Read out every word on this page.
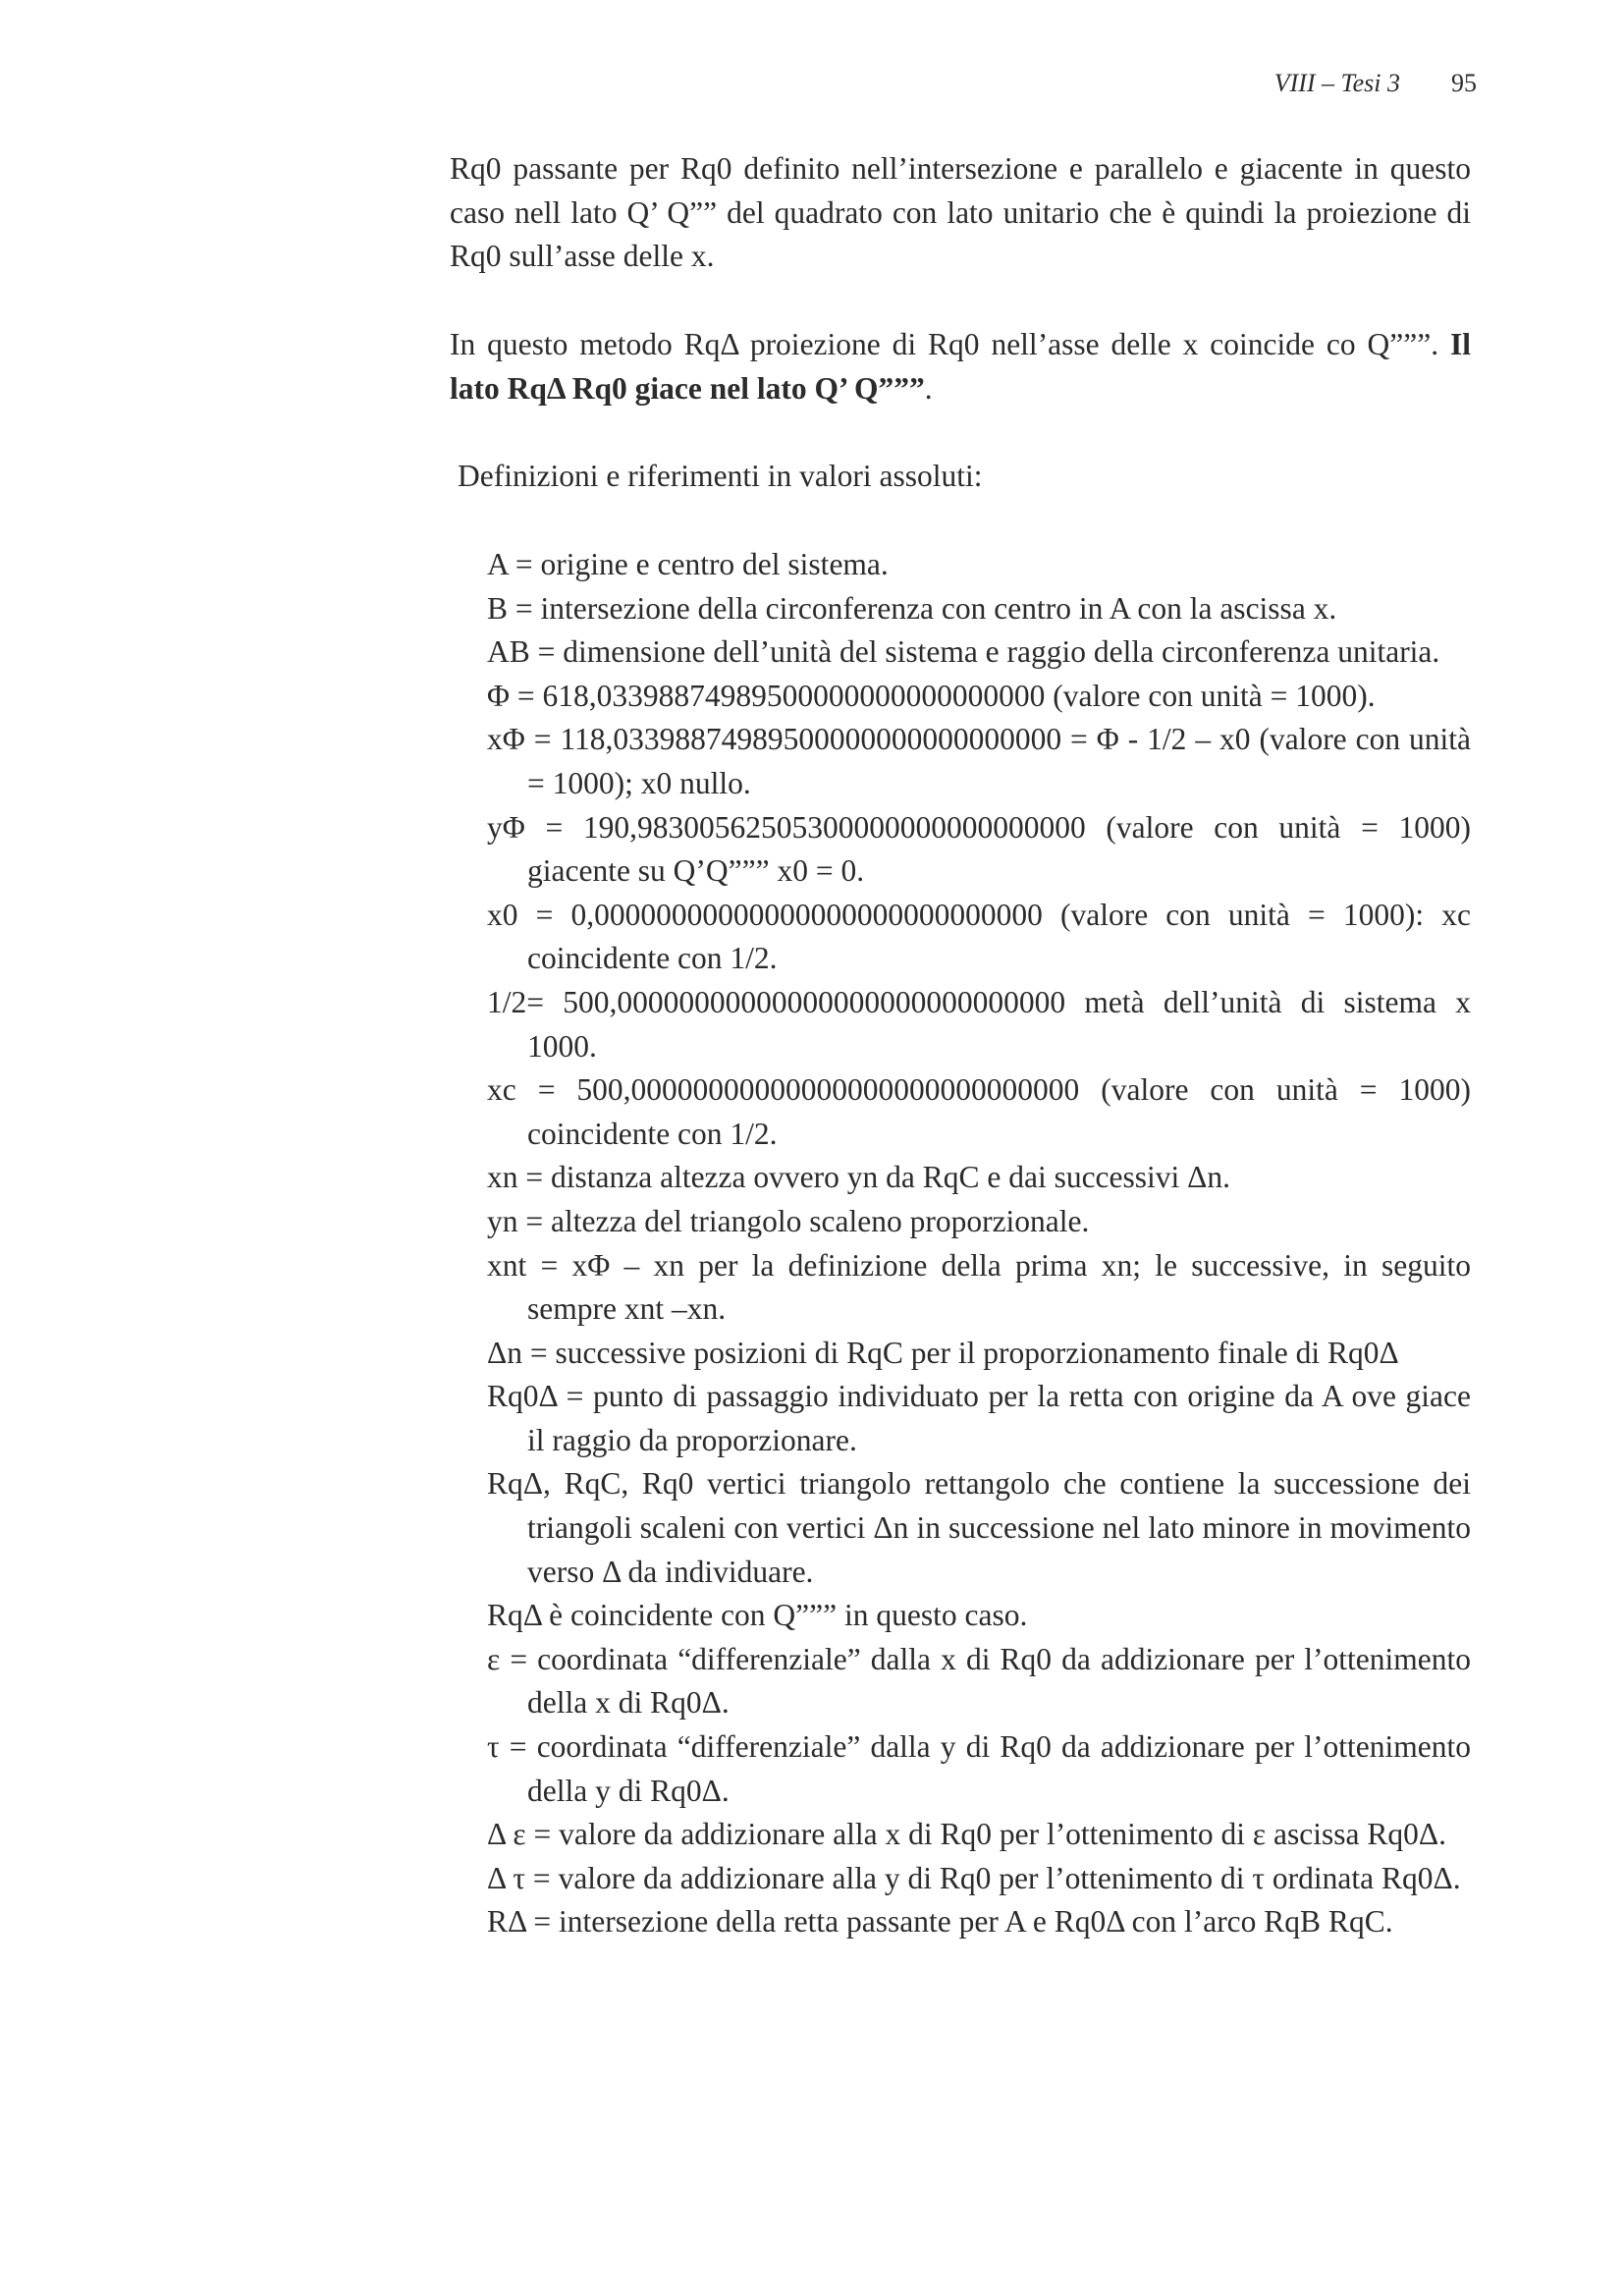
VIII – Tesi 3 95

Rq0 passante per Rq0 definito nell’intersezione e parallelo e giacente in questo caso nell lato Q’ Q”” del quadrato con lato unitario che è quindi la proiezione di Rq0 sull’asse delle x.

In questo metodo RqΔ proiezione di Rq0 nell’asse delle x coincide co Q”””. Il lato RqΔ Rq0 giace nel lato Q’ Q”””.

Definizioni e riferimenti in valori assoluti:

A = origine e centro del sistema.
B = intersezione della circonferenza con centro in A con la ascissa x.
AB = dimensione dell’unità del sistema e raggio della circonferenza unitaria.
Φ = 618,03398874989500000000000000000 (valore con unità = 1000).
xΦ = 118,03398874989500000000000000000 = Φ - 1/2 – x0 (valore con unità = 1000); x0 nullo.
yΦ = 190,98300562505300000000000000000 (valore con unità = 1000) giacente su Q’Q””” x0 = 0.
x0 = 0,00000000000000000000000000000 (valore con unità = 1000): xc coincidente con 1/2.
1/2= 500,00000000000000000000000000000 metà dell’unità di sistema x 1000.
xc = 500,00000000000000000000000000000 (valore con unità = 1000) coincidente con 1/2.
xn = distanza altezza ovvero yn da RqC e dai successivi Δn.
yn = altezza del triangolo scaleno proporzionale.
xnt = xΦ – xn per la definizione della prima xn; le successive, in seguito sempre xnt –xn.
Δn = successive posizioni di RqC per il proporzionamento finale di Rq0Δ
Rq0Δ = punto di passaggio individuato per la retta con origine da A ove giace il raggio da proporzionare.
RqΔ, RqC, Rq0 vertici triangolo rettangolo che contiene la successione dei triangoli scaleni con vertici Δn in successione nel lato minore in movimento verso Δ da individuare.
RqΔ è coincidente con Q””” in questo caso.
ε = coordinata “differenziale” dalla x di Rq0 da addizionare per l’ottenimento della x di Rq0Δ.
τ = coordinata “differenziale” dalla y di Rq0 da addizionare per l’ottenimento della y di Rq0Δ.
Δ ε = valore da addizionare alla x di Rq0 per l’ottenimento di ε ascissa Rq0Δ.
Δ τ = valore da addizionare alla y di Rq0 per l’ottenimento di τ ordinata Rq0Δ.
RΔ = intersezione della retta passante per A e Rq0Δ con l’arco RqB RqC.
